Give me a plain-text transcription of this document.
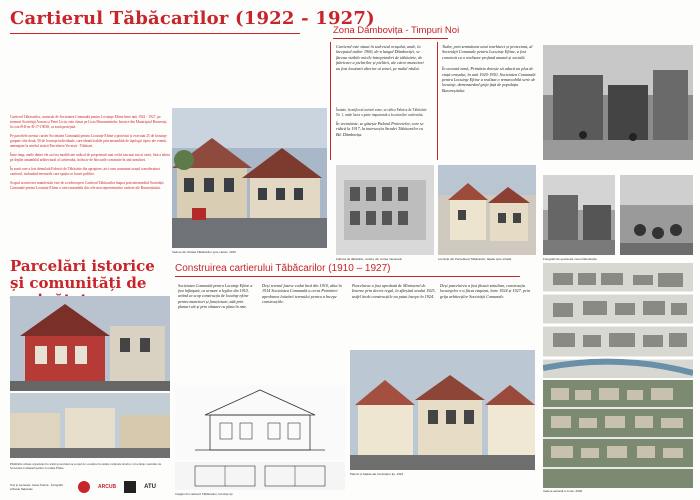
Cartierul Tăbăcarilor (1922 - 1927)
Zona Dâmbovița - Timpuri Noi

Cartierul Tăbăcarilor, construit de Societatea Comunală pentru Locuinţe Eftine între anii 1922 - 1927, pe terenuri Societăţii Aurora și Petre Liciu, este clasat pe Lista Monumentelor Istorice din Municipiul București, la cota B-II-m-B-17-19038, ca zonă protejată.

Pe parcelele acestui cartier Societatea Comunală pentru Locuințe Eftine a proiectat și executat 25 de locuinţe grupate câte două, 50 de locuinţe individuale, care identificabile prin ansamblul de tipologii tipice ale vremii, amenajate la nivelul străzii Parcelarea Vecerști - Tăbăcari.

Între timp, unele dintre ele au fost modificate radical de proprietarii mai vechi sau mai noi ai casei, fără a altera pe deplin ansamblul arhitectural al cartierului, inclusiv de blocurile construite în anii următori.

În zonă care a fost demolată Fabricii de Tăbăcărie din apropiere, aici cum consumat orașul a modernizat cartierul, incluzând terenurile care spațiu cu locuri publice.

Scopul acestei noi manifestări este de a redescoperi Cartierul Tăbăcarilor înapoi prin intermediul Societății Comunale pentru Locuințe Eftine a cărei ansamblu din cele mai reprezentative cartiere ale Bucureștiului.

Vedere din Strada Tăbăcarilor spre cartier, 1926

Cartierul este situat în sud-estul orașului, unde, la începutul anilor 1900, de-a lungul Dâmboviței, se făceau vizibile micile întreprinderi de tăbăcărie, de fabricare a pielurilor și pielării, ale căror muncitori au fost locatarii ulterior ai zonei, pe malul râului.

Înainte, în mijlocul acestei zone, se ridica Fabrica de Tăbăcărie Nr. 1, unde lucra o parte importantă a locuitorilor cartierului.

În vecinătate, se găsește Palatul Proiectelor, care se ridică la 1917, la intersecția Stradei Tăbăcarilor cu Bd. Dâmbovița.

Tudor, prin semnătura unui rearhitect și proiectant, al Societăţii Comunale pentru Locuințe Eftine, a fost construit cu o realizare profund umană și socială.

În această zonă, Primăria dorește să aducă un plus de viață orașului, în anii 1920-1930, Societatea Comunală pentru Locuinţe Eftine a realizat o remarcabilă serie de locuinţe, demonstrând grija față de populația Bucureștiului.

Fabrica de tăbăcărie, vedere din curtea interioară	Locuinţe din Parcelarea Tăbăcarilor, fațade spre stradă	Fotografii de epocă ale zonei Dâmbovița
Parcelări istorice și comunități de
Construirea cartierului Tăbăcarilor (1910 – 1927)
Plimbările urbane organizate în cadrul proiectului au scopul de a readuce în atenție cartierele istorice cu locuinţe construite de Societatea Comunală pentru Locuințe Eftine.
Text și cercetare: Ioana Tudora · Fotografii: Arhivele Naționale	ARCUB	ATU

Societatea Comunală pentru Locuinţe Eftine a fost înfiinţată, ca urmare a legilor din 1910, având ca scop construcția de locuinţe eftine pentru muncitori și funcționari, atât prin planuri cât și prin vânzare cu plata în rate.

Deși terenul fusese cedat încă din 1910, abia în 1914 Societatea Comunală a cerut Primăriei aprobarea lotizării terenului pentru a începe construcțiile.

Parcelarea a fost aprobată de Ministerul de Interne prin decret regal, la sfârșitul anului 1923, astfel încât construcțiile au putut începe în 1924.

Deși parcelarea a fost făcută simultan, construcția locuinţelor s-a făcut etapizat, între 1924 și 1927, prin grija arhitecților Societăţii Comunale.

Vedere aeriană a zonei, 2020
Planuri și fațade ale locuinţelor tip, 1924
Imagini din cartierul Tăbăcarilor, locuinţe tip
